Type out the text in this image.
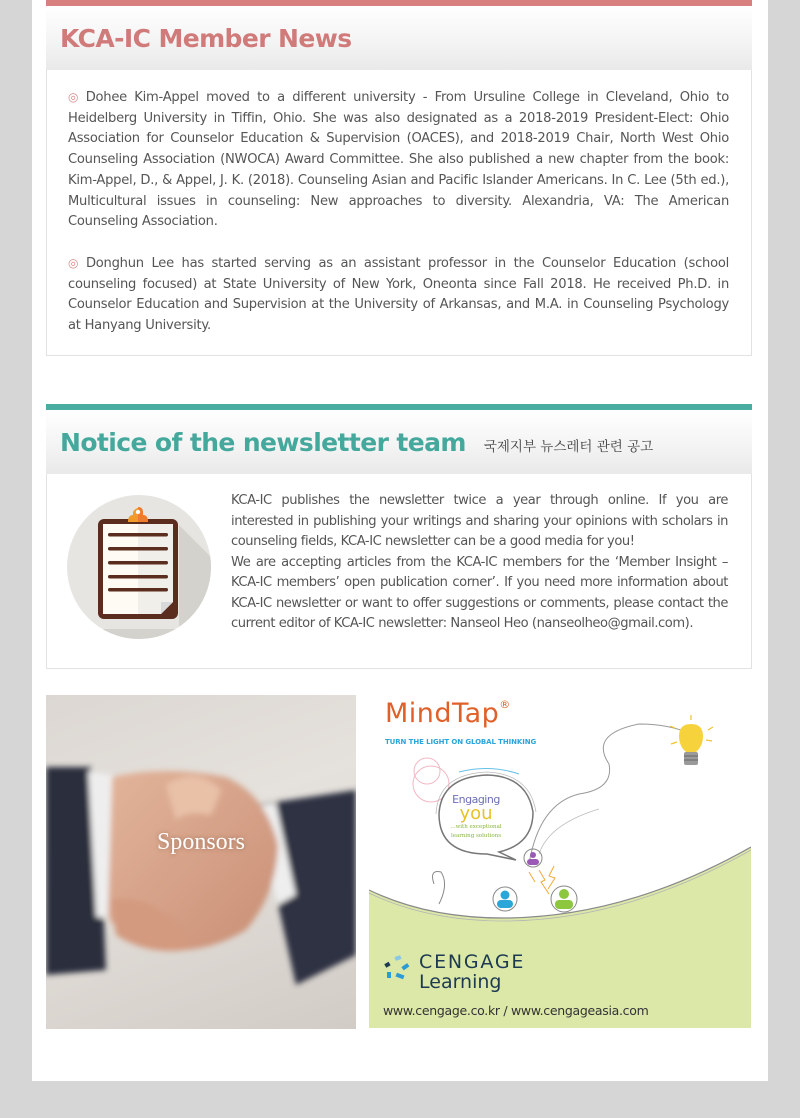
KCA-IC Member News

◎ Dohee Kim-Appel moved to a different university - From Ursuline College in Cleveland, Ohio to Heidelberg University in Tiffin, Ohio. She was also designated as a 2018-2019 President-Elect: Ohio Association for Counselor Education & Supervision (OACES), and 2018-2019 Chair, North West Ohio Counseling Association (NWOCA) Award Committee. She also published a new chapter from the book: Kim-Appel, D., & Appel, J. K. (2018). Counseling Asian and Pacific Islander Americans. In C. Lee (5th ed.), Multicultural issues in counseling: New approaches to diversity. Alexandria, VA: The American Counseling Association.

◎ Donghun Lee has started serving as an assistant professor in the Counselor Education (school counseling focused) at State University of New York, Oneonta since Fall 2018. He received Ph.D. in Counselor Education and Supervision at the University of Arkansas, and M.A. in Counseling Psychology at Hanyang University.

Notice of the newsletter team 국제지부 뉴스레터 관련 공고

KCA-IC publishes the newsletter twice a year through online. If you are interested in publishing your writings and sharing your opinions with scholars in counseling fields, KCA-IC newsletter can be a good media for you!

We are accepting articles from the KCA-IC members for the ‘Member Insight –KCA-IC members’ open publication corner’. If you need more information about KCA-IC newsletter or want to offer suggestions or comments, please contact the current editor of KCA-IC newsletter: Nanseol Heo (nanseolheo@gmail.com).

Sponsors
MindTap®
TURN THE LIGHT ON GLOBAL THINKING
Engaging
you
...with exceptional
learning solutions
CENGAGE
Learning
www.cengage.co.kr / www.cengageasia.com
